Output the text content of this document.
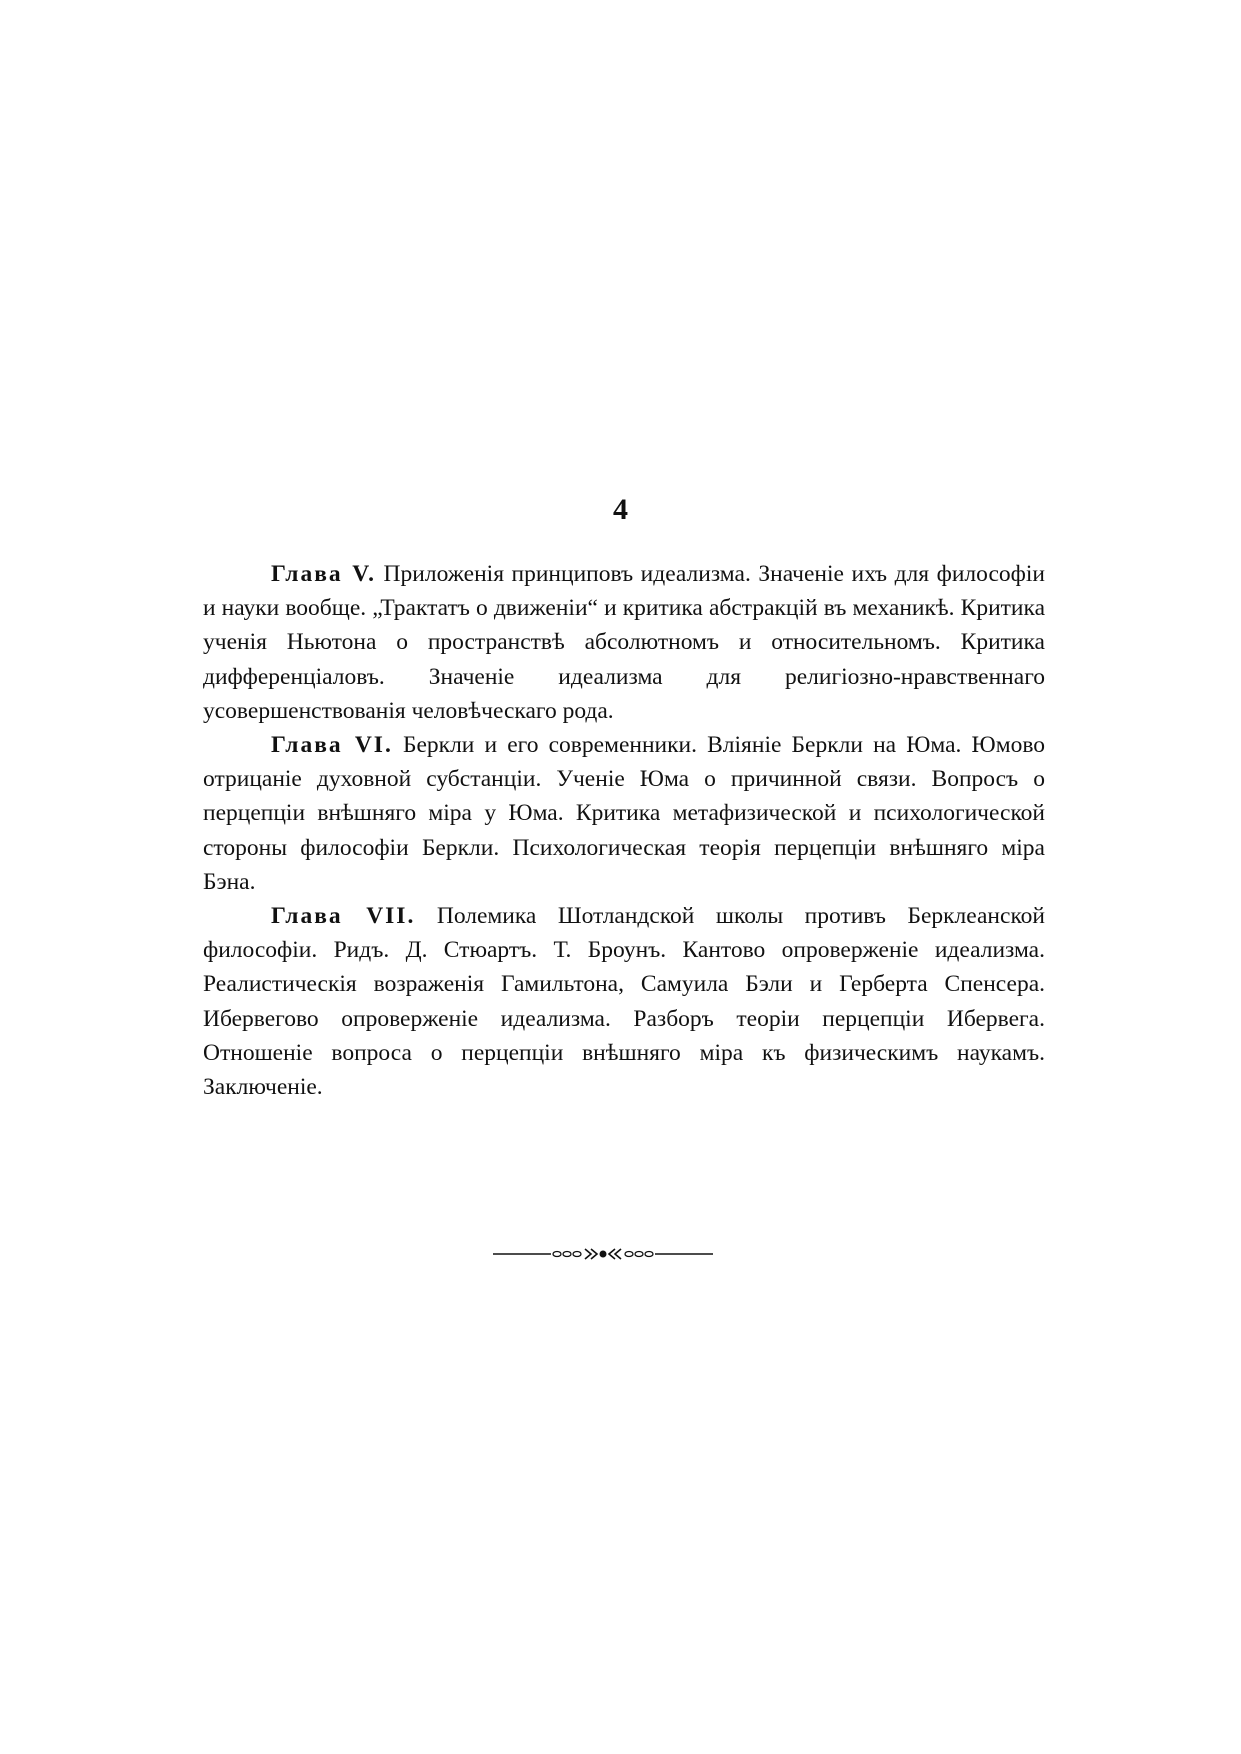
4

Глава V. Приложенія принциповъ идеализма. Значеніе ихъ для философіи и науки вообще. „Трактатъ о движеніи“ и критика абстракцій въ механикѣ. Критика ученія Ньютона о пространствѣ абсолютномъ и относительномъ. Критика дифференціаловъ. Значеніе идеализма для религіозно-нравственнаго усовершенствованія человѣческаго рода.

Глава VI. Беркли и его современники. Вліяніе Беркли на Юма. Юмово отрицаніе духовной субстанціи. Ученіе Юма о причинной связи. Вопросъ о перцепціи внѣшняго міра у Юма. Критика метафизической и психологической стороны философіи Беркли. Психологическая теорія перцепціи внѣшняго міра Бэна.

Глава VII. Полемика Шотландской школы противъ Берклеанской философіи. Ридъ. Д. Стюартъ. Т. Броунъ. Кантово опроверженіе идеализма. Реалистическія возраженія Гамильтона, Самуила Бэли и Герберта Спенсера. Ибервегово опроверженіе идеализма. Разборъ теоріи перцепціи Ибервега. Отношеніе вопроса о перцепціи внѣшняго міра къ физическимъ наукамъ. Заключеніе.
